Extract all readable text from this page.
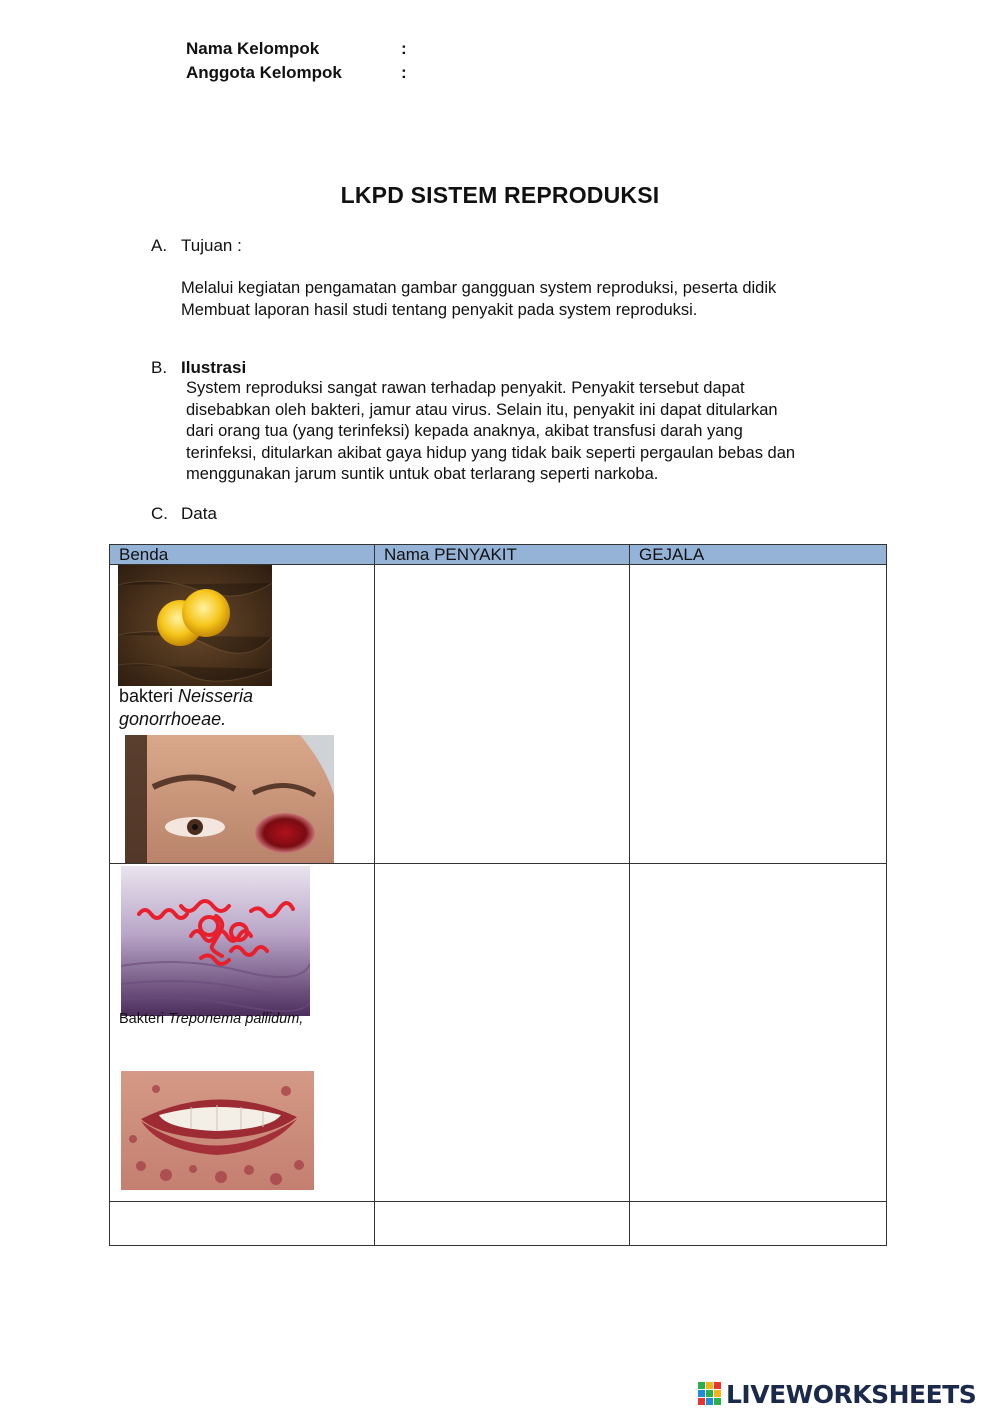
Nama Kelompok	:
Anggota Kelompok	:
LKPD SISTEM REPRODUKSI
A. Tujuan :
Melalui kegiatan pengamatan gambar gangguan system reproduksi, peserta didik
Membuat laporan hasil studi tentang penyakit pada system reproduksi.
B. Ilustrasi
System reproduksi sangat rawan terhadap penyakit. Penyakit tersebut dapat
disebabkan oleh bakteri, jamur atau virus. Selain itu, penyakit ini dapat ditularkan
dari orang tua (yang terinfeksi) kepada anaknya, akibat transfusi darah yang
terinfeksi, ditularkan akibat gaya hidup yang tidak baik seperti pergaulan bebas dan
menggunakan jarum suntik untuk obat terlarang seperti narkoba.
C. Data
Benda	Nama PENYAKIT	GEJALA

bakteri Neisseria
gonorrhoeae.		

Bakteri Treponema pallidum,		

LIVEWORKSHEETS
